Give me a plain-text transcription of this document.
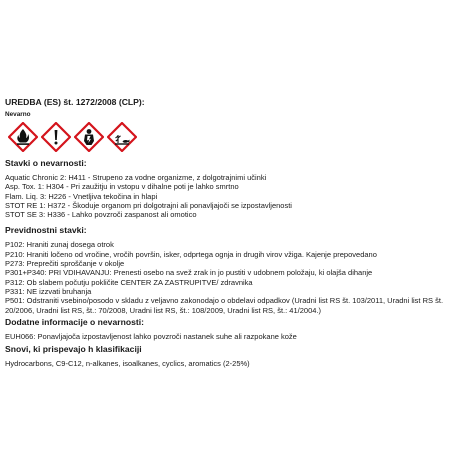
UREDBA (ES) št. 1272/2008 (CLP):
Nevarno
Stavki o nevarnosti:
Aquatic Chronic 2: H411 - Strupeno za vodne organizme, z dolgotrajnimi učinki
Asp. Tox. 1: H304 - Pri zaužitju in vstopu v dihalne poti je lahko smrtno
Flam. Liq. 3: H226 - Vnetljiva tekočina in hlapi
STOT RE 1: H372 - Škoduje organom pri dolgotrajni ali ponavljajoči se izpostavljenosti
STOT SE 3: H336 - Lahko povzroči zaspanost ali omotico
Previdnostni stavki:
P102: Hraniti zunaj dosega otrok
P210: Hraniti ločeno od vročine, vročih površin, isker, odprtega ognja in drugih virov vžiga. Kajenje prepovedano
P273: Preprečiti sproščanje v okolje
P301+P340: PRI VDIHAVANJU: Prenesti osebo na svež zrak in jo pustiti v udobnem položaju, ki olajša dihanje
P312: Ob slabem počutju pokličite CENTER ZA ZASTRUPITVE/ zdravnika
P331: NE izzvati bruhanja
P501: Odstraniti vsebino/posodo v skladu z veljavno zakonodajo o obdelavi odpadkov (Uradni list RS št. 103/2011, Uradni list RS št.
20/2006, Uradni list RS, št.: 70/2008, Uradni list RS, št.: 108/2009, Uradni list RS, št.: 41/2004.)
Dodatne informacije o nevarnosti:
EUH066: Ponavljajoča izpostavljenost lahko povzroči nastanek suhe ali razpokane kože
Snovi, ki prispevajo h klasifikaciji
Hydrocarbons, C9-C12, n-alkanes, isoalkanes, cyclics, aromatics (2-25%)
